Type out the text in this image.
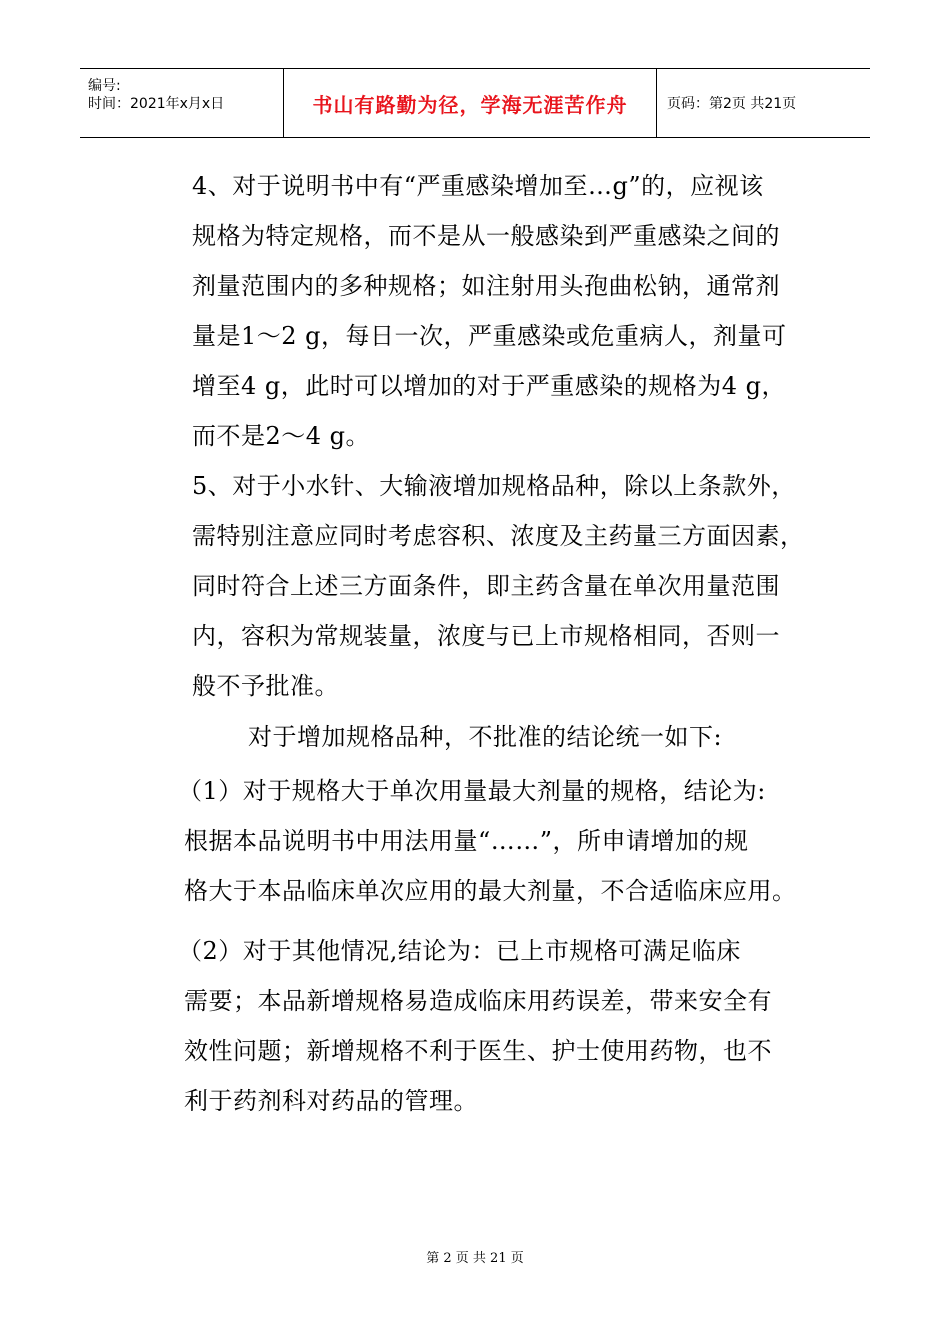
编号:
时间：2021年x月x日	书山有路勤为径，学海无涯苦作舟	页码：第2页 共21页
4、对于说明书中有“严重感染增加至…g”的，应视该
规格为特定规格，而不是从一般感染到严重感染之间的
剂量范围内的多种规格；如注射用头孢曲松钠，通常剂
量是1～2 g，每日一次，严重感染或危重病人，剂量可
增至4 g，此时可以增加的对于严重感染的规格为4 g，
而不是2～4 g。
5、对于小水针、大输液增加规格品种，除以上条款外，
需特别注意应同时考虑容积、浓度及主药量三方面因素，
同时符合上述三方面条件，即主药含量在单次用量范围
内，容积为常规装量，浓度与已上市规格相同，否则一
般不予批准。
对于增加规格品种，不批准的结论统一如下:
（1）对于规格大于单次用量最大剂量的规格，结论为:
根据本品说明书中用法用量“……”，所申请增加的规
格大于本品临床单次应用的最大剂量，不合适临床应用。
（2）对于其他情况,结论为：已上市规格可满足临床
需要；本品新增规格易造成临床用药误差，带来安全有
效性问题；新增规格不利于医生、护士使用药物，也不
利于药剂科对药品的管理。
第 2 页 共 21 页
